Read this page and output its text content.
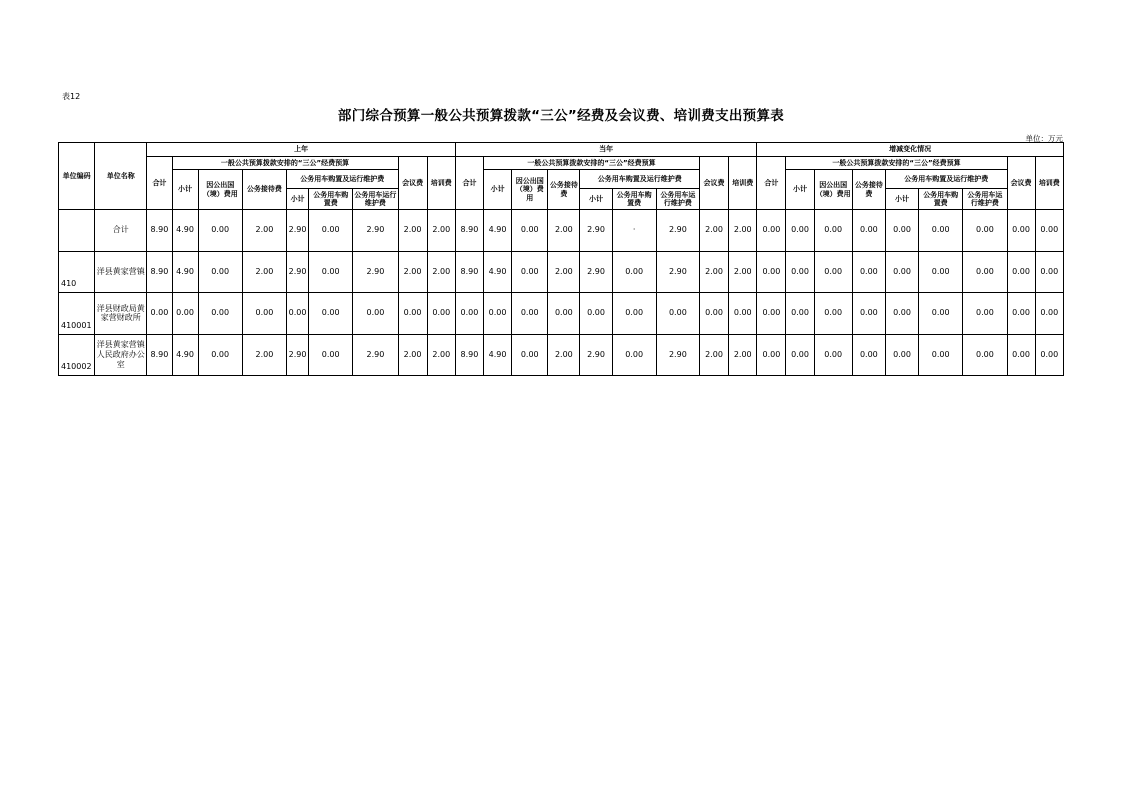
表12
部门综合预算一般公共预算拨款“三公”经费及会议费、培训费支出预算表
单位：万元
单位编码	单位名称	上年									当年									增减变化情况								
		合计	一般公共预算拨款安排的“三公”经费预算						会议费	培训费	合计	一般公共预算拨款安排的“三公”经费预算						会议费	培训费	合计	一般公共预算拨款安排的“三公”经费预算						会议费	培训费
			小计	因公出国（境）费用	公务接待费	公务用车购置及运行维护费						小计	因公出国（境）费用	公务接待费	公务用车购置及运行维护费						小计	因公出国（境）费用	公务接待费	公务用车购置及运行维护费				
						小计	公务用车购置费	公务用车运行维护费							小计	公务用车购置费	公务用车运行维护费							小计	公务用车购置费	公务用车运行维护费		
	合计	8.90	4.90	0.00	2.00	2.90	0.00	2.90	2.00	2.00	8.90	4.90	0.00	2.00	2.90	·	2.90	2.00	2.00	0.00	0.00	0.00	0.00	0.00	0.00	0.00	0.00	0.00
410	洋县黄家营镇	8.90	4.90	0.00	2.00	2.90	0.00	2.90	2.00	2.00	8.90	4.90	0.00	2.00	2.90	0.00	2.90	2.00	2.00	0.00	0.00	0.00	0.00	0.00	0.00	0.00	0.00	0.00
410001	洋县财政局黄家营财政所	0.00	0.00	0.00	0.00	0.00	0.00	0.00	0.00	0.00	0.00	0.00	0.00	0.00	0.00	0.00	0.00	0.00	0.00	0.00	0.00	0.00	0.00	0.00	0.00	0.00	0.00	0.00
410002	洋县黄家营镇人民政府办公室	8.90	4.90	0.00	2.00	2.90	0.00	2.90	2.00	2.00	8.90	4.90	0.00	2.00	2.90	0.00	2.90	2.00	2.00	0.00	0.00	0.00	0.00	0.00	0.00	0.00	0.00	0.00
